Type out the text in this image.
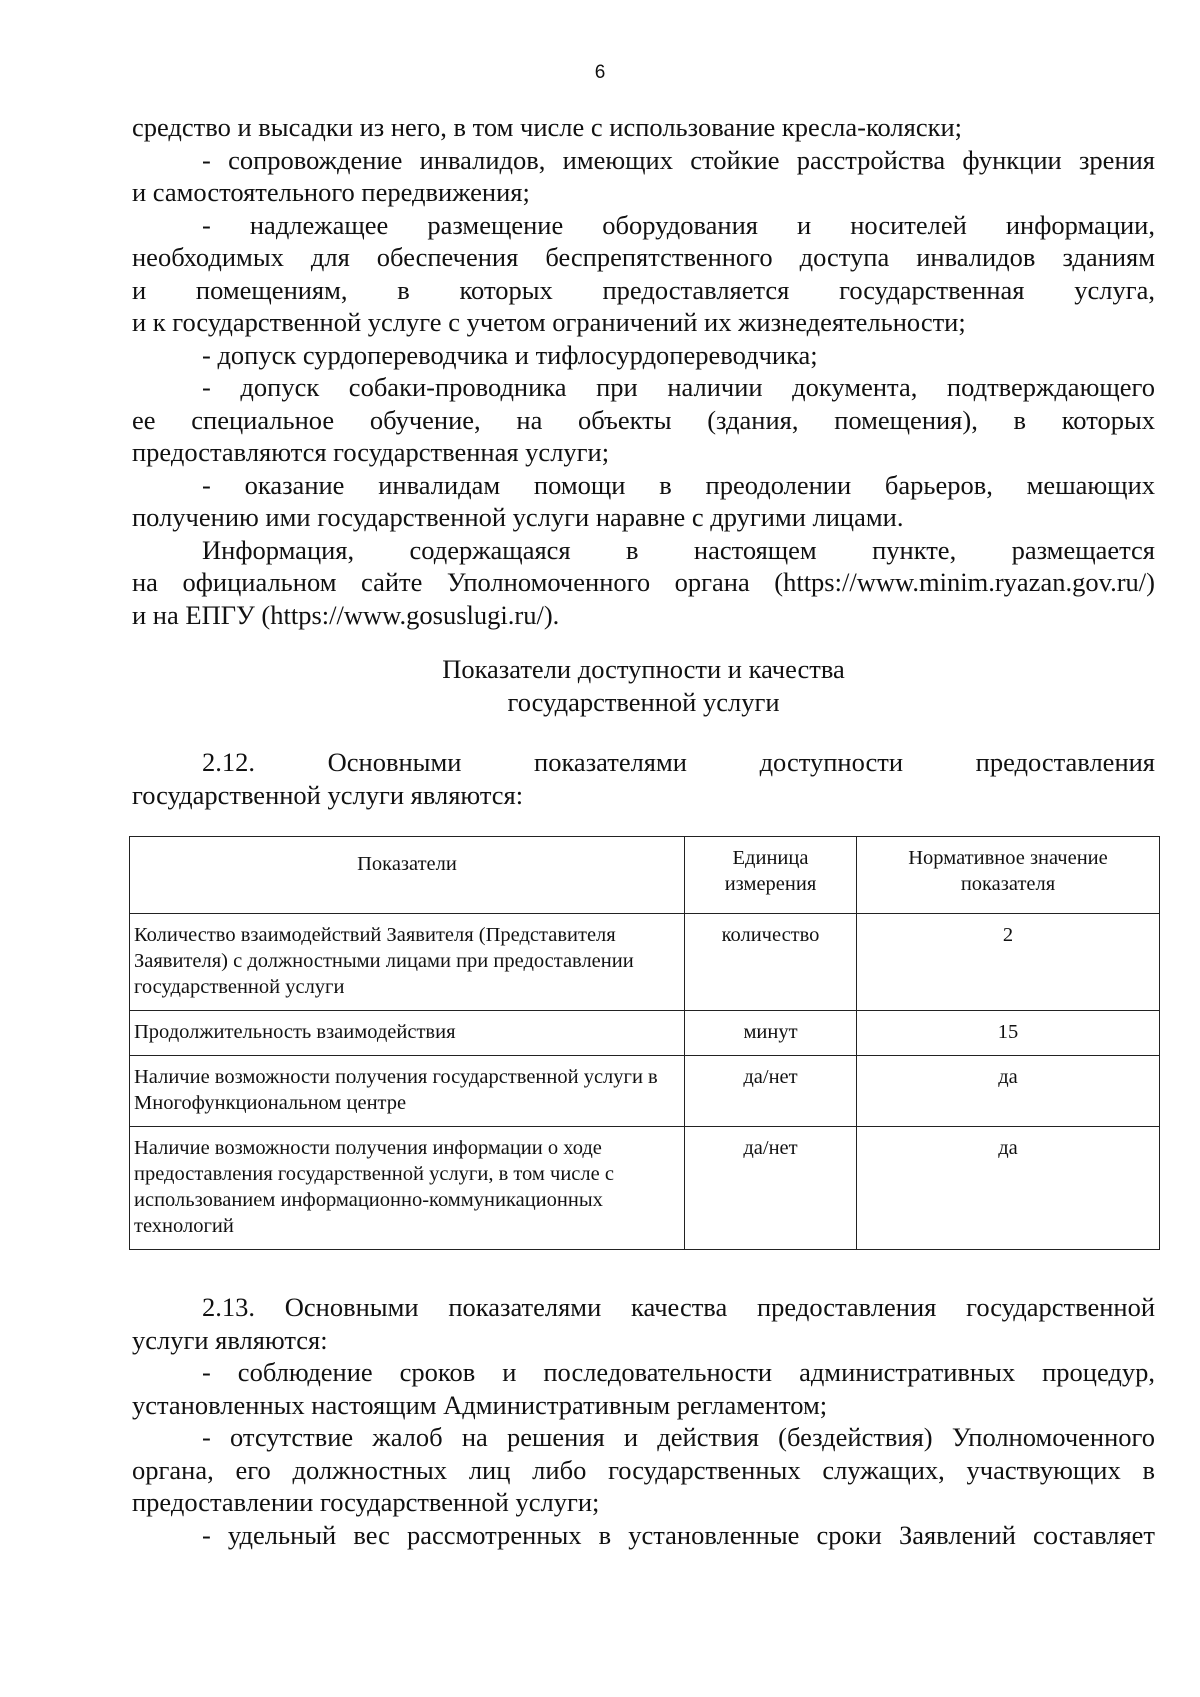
6
средство и высадки из него, в том числе с использование кресла-коляски;
- сопровождение инвалидов, имеющих стойкие расстройства функции зрения
и самостоятельного передвижения;
- надлежащее размещение оборудования и носителей информации,
необходимых для обеспечения беспрепятственного доступа инвалидов зданиям
и помещениям, в которых предоставляется государственная услуга,
и к государственной услуге с учетом ограничений их жизнедеятельности;
- допуск сурдопереводчика и тифлосурдопереводчика;
- допуск собаки-проводника при наличии документа, подтверждающего
ее специальное обучение, на объекты (здания, помещения), в которых
предоставляются государственная услуги;
- оказание инвалидам помощи в преодолении барьеров, мешающих
получению ими государственной услуги наравне с другими лицами.
Информация, содержащаяся в настоящем пункте, размещается
на официальном сайте Уполномоченного органа (https://www.minim.ryazan.gov.ru/)
и на ЕПГУ (https://www.gosuslugi.ru/).
Показатели доступности и качества
государственной услуги
2.12. Основными показателями доступности предоставления
государственной услуги являются:
Показатели	Единица измерения	Нормативное значение показателя
Количество взаимодействий Заявителя (Представителя Заявителя) с должностными лицами при предоставлении государственной услуги	количество	2
Продолжительность взаимодействия	минут	15
Наличие возможности получения государственной услуги в Многофункциональном центре	да/нет	да
Наличие возможности получения информации о ходе предоставления государственной услуги, в том числе с использованием информационно-коммуникационных технологий	да/нет	да
2.13. Основными показателями качества предоставления государственной
услуги являются:
- соблюдение сроков и последовательности административных процедур,
установленных настоящим Административным регламентом;
- отсутствие жалоб на решения и действия (бездействия) Уполномоченного
органа, его должностных лиц либо государственных служащих, участвующих в
предоставлении государственной услуги;
- удельный вес рассмотренных в установленные сроки Заявлений составляет
